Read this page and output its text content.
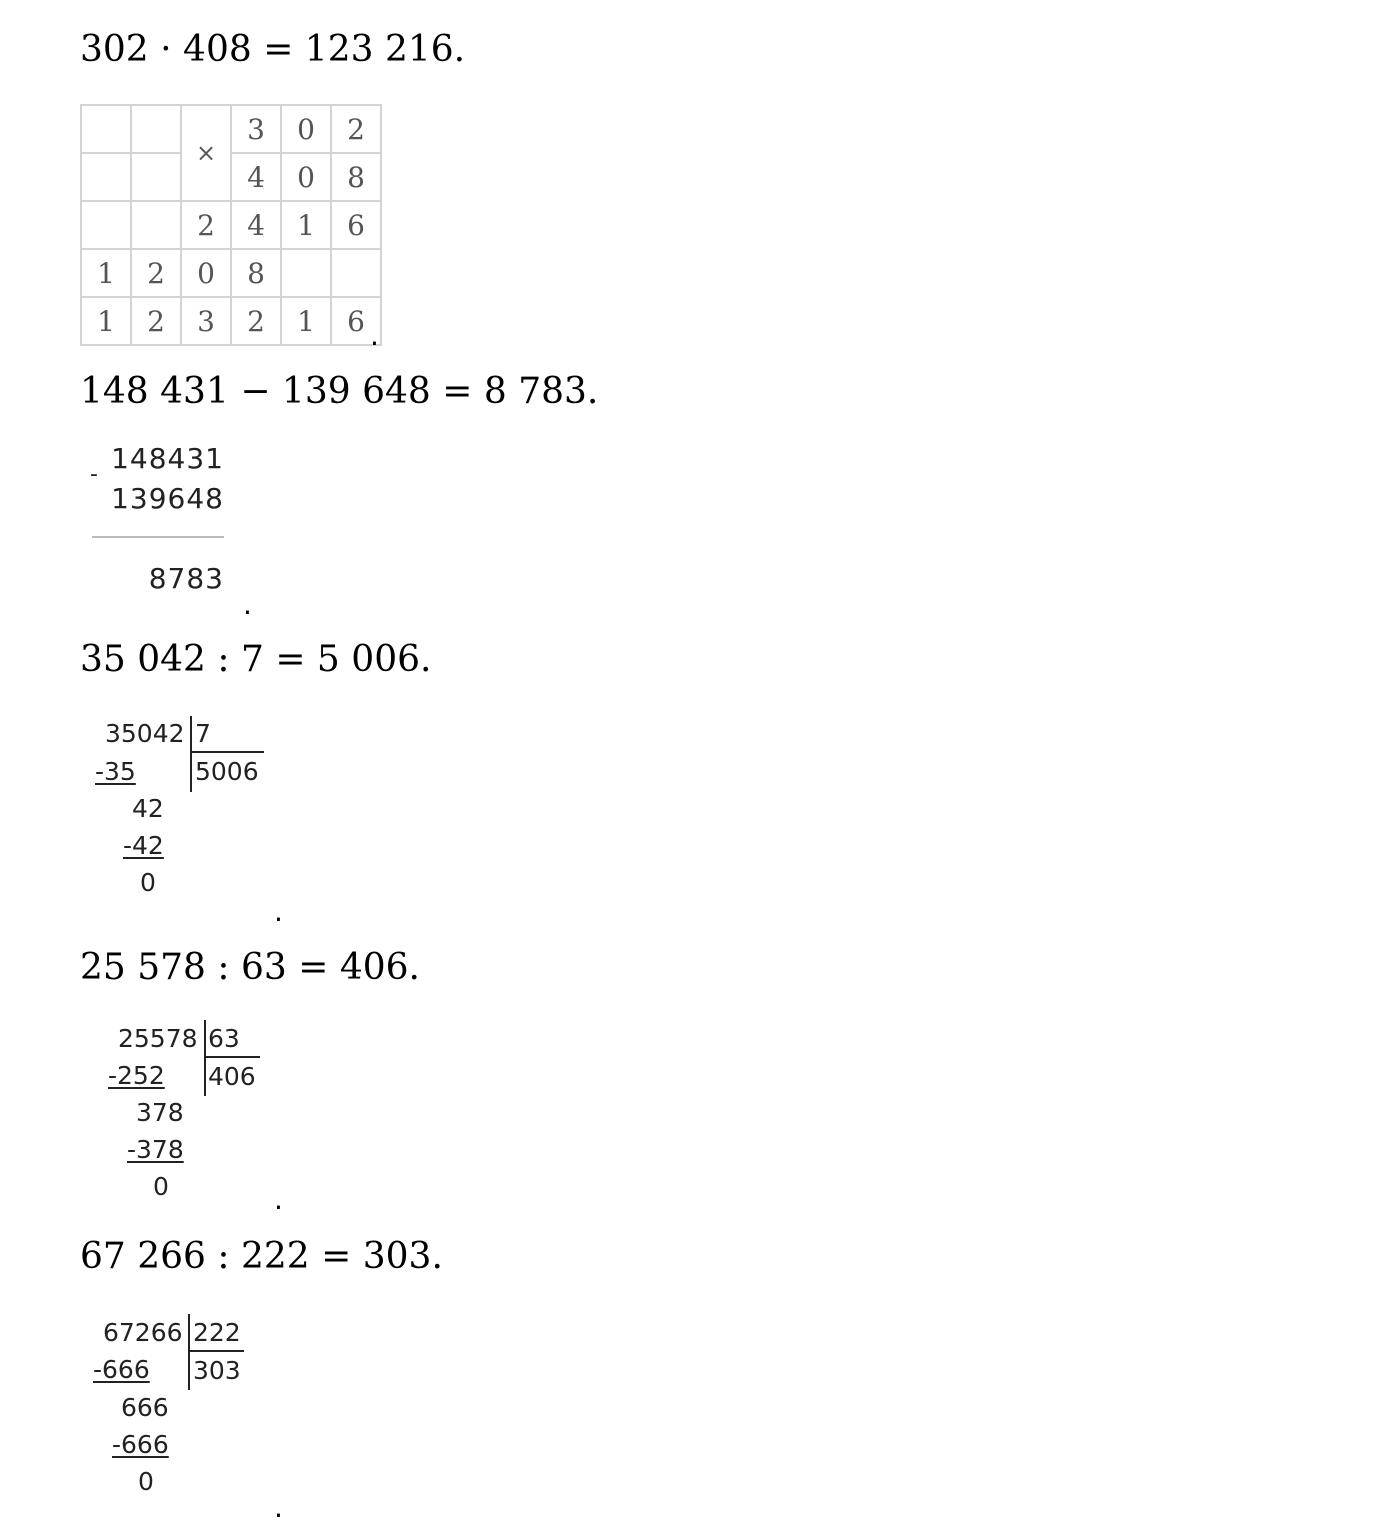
302 · 408 = 123 216.
		×	3	0	2
			4	0	8
		2	4	1	6
1	2	0	8		
1	2	3	2	1	6 .
148 431 − 139 648 = 8 783.
- 148431
139648
8783
.
35 042 : 7 = 5 006.
35042 7
5006
-35
42
-42
0
.
25 578 : 63 = 406.
25578 63
406
-252
378
-378
0	.
67 266 : 222 = 303.
67266 222
303
-666
666
-666
0
.
